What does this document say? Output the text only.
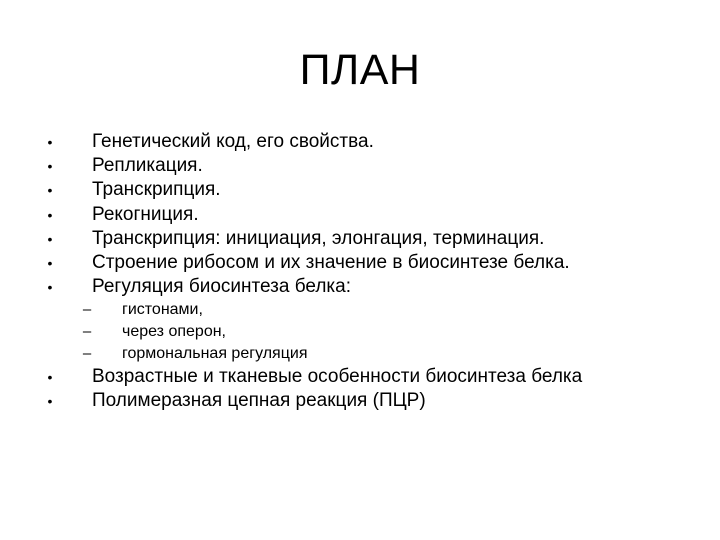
ПЛАН
• Генетический код, его свойства.
• Репликация.
• Транскрипция.
• Рекогниция.
• Транскрипция: инициация, элонгация, терминация.
• Строение рибосом и их значение в биосинтезе белка.
• Регуляция биосинтеза белка:
– гистонами,
– через оперон,
– гормональная регуляция
• Возрастные и тканевые особенности биосинтеза белка
• Полимеразная цепная реакция (ПЦР)
